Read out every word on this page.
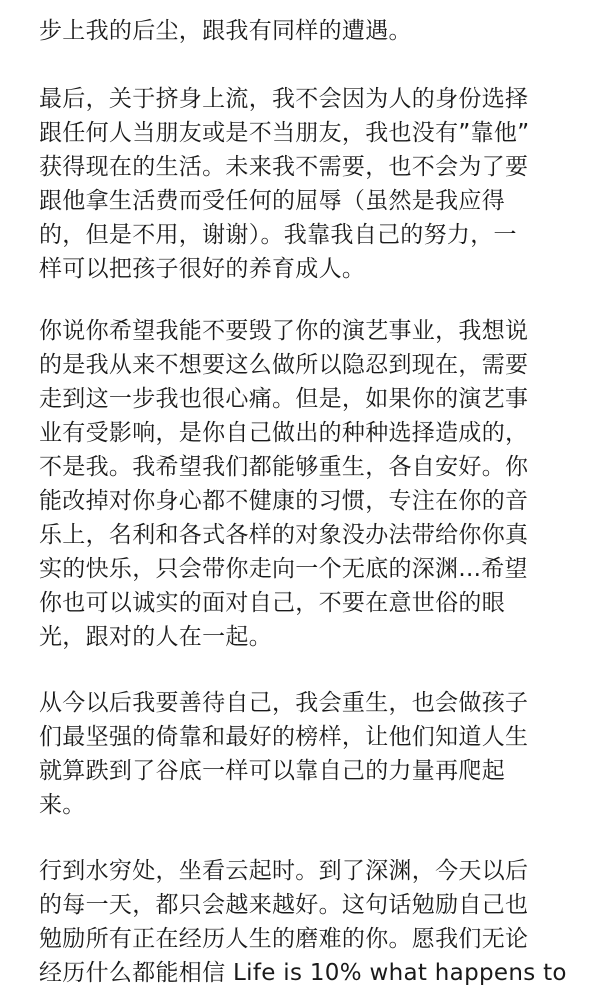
步上我的后尘，跟我有同样的遭遇。
最后，关于挤身上流，我不会因为人的身份选择
跟任何人当朋友或是不当朋友，我也没有”靠他”
获得现在的生活。未来我不需要，也不会为了要
跟他拿生活费而受任何的屈辱（虽然是我应得
的，但是不用，谢谢）。我靠我自己的努力，一
样可以把孩子很好的养育成人。
你说你希望我能不要毁了你的演艺事业，我想说
的是我从来不想要这么做所以隐忍到现在，需要
走到这一步我也很心痛。但是，如果你的演艺事
业有受影响，是你自己做出的种种选择造成的，
不是我。我希望我们都能够重生，各自安好。你
能改掉对你身心都不健康的习惯，专注在你的音
乐上，名利和各式各样的对象没办法带给你你真
实的快乐，只会带你走向一个无底的深渊...希望
你也可以诚实的面对自己，不要在意世俗的眼
光，跟对的人在一起。
从今以后我要善待自己，我会重生，也会做孩子
们最坚强的倚靠和最好的榜样，让他们知道人生
就算跌到了谷底一样可以靠自己的力量再爬起
来。
行到水穷处，坐看云起时。到了深渊，今天以后
的每一天，都只会越来越好。这句话勉励自己也
勉励所有正在经历人生的磨难的你。愿我们无论
经历什么都能相信 Life is 10% what happens to
